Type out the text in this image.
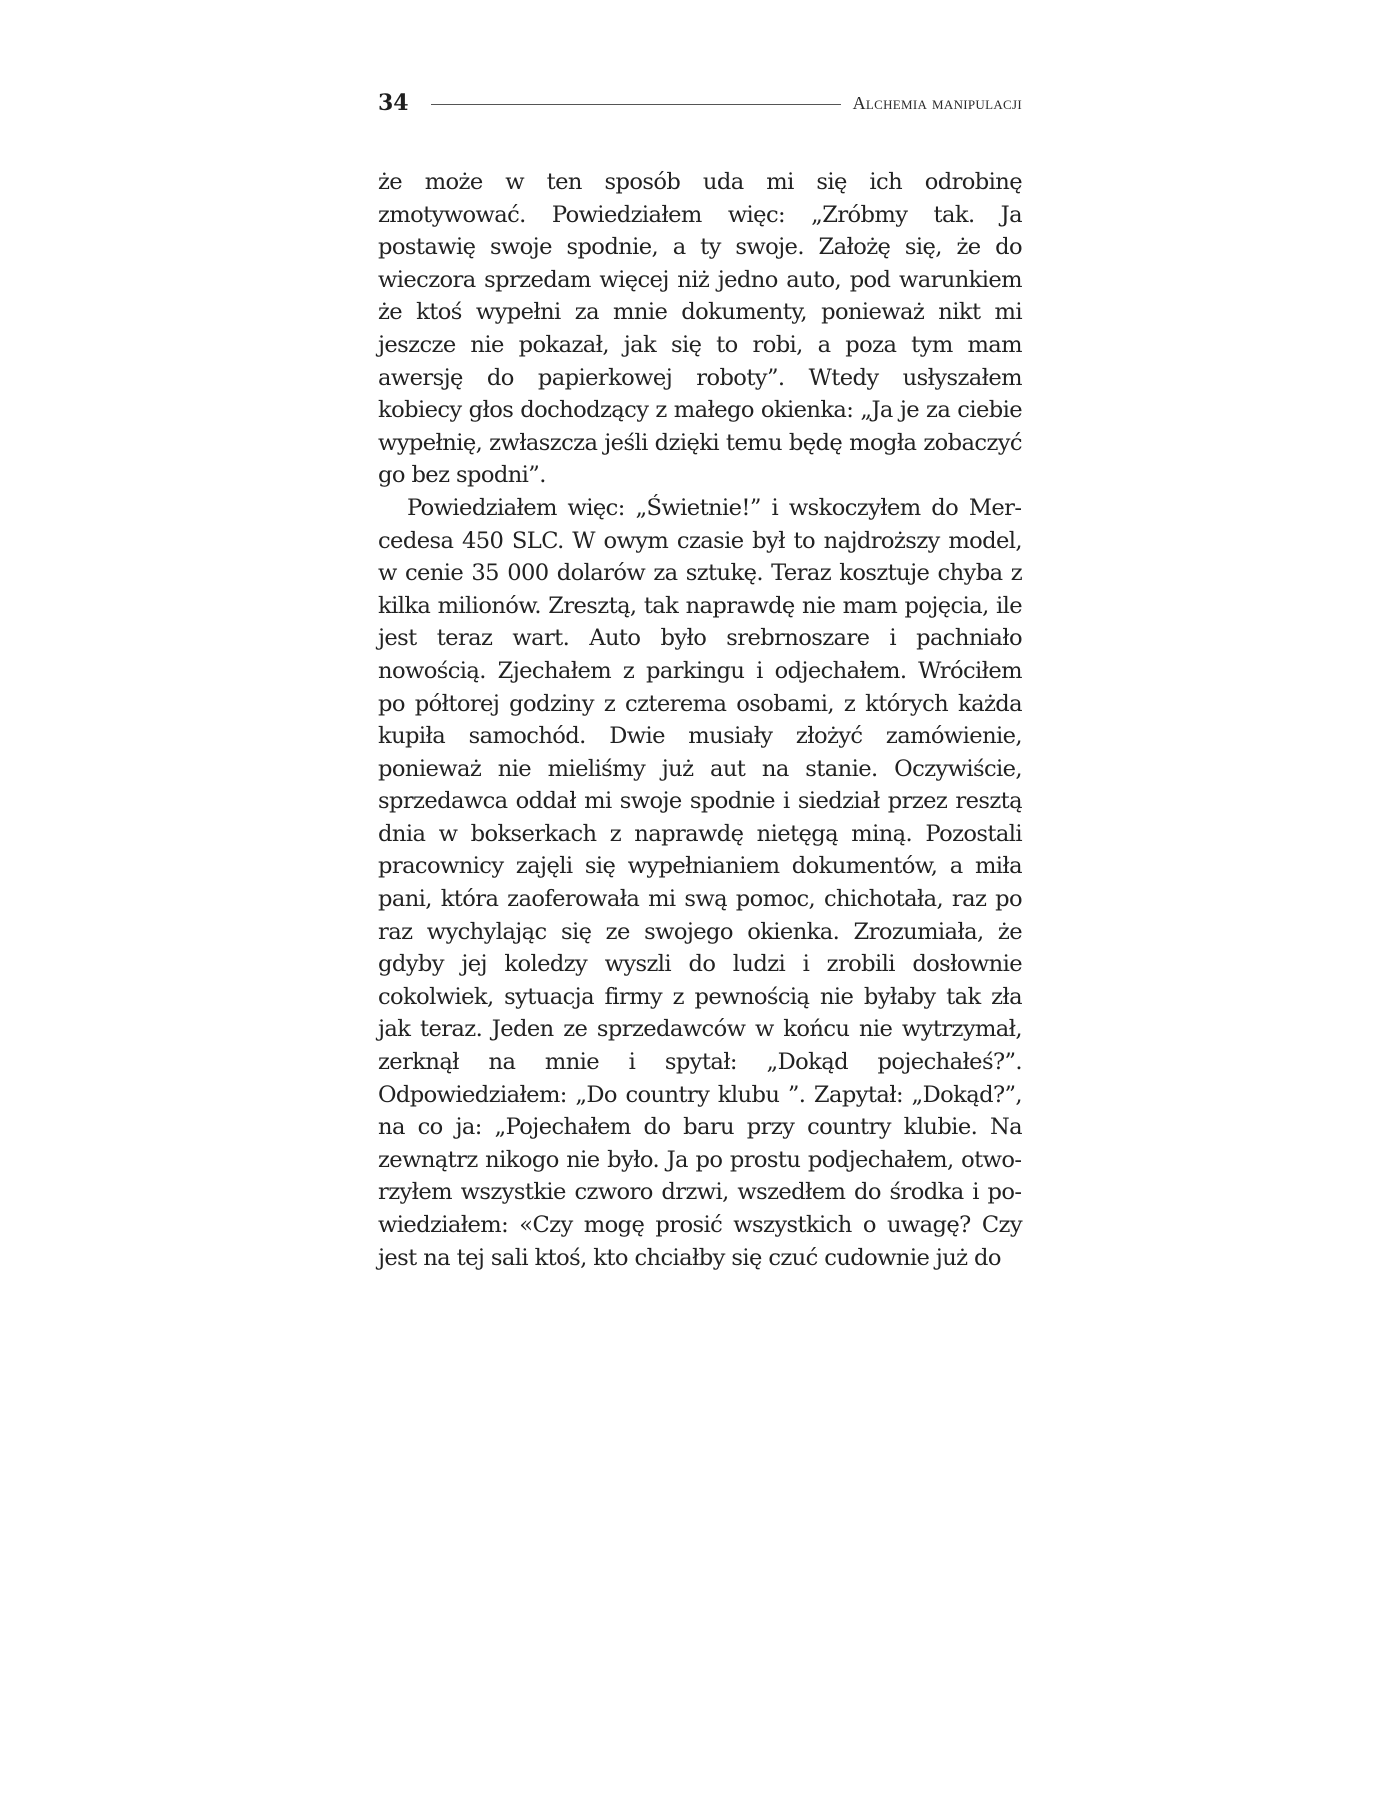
34	Alchemia manipulacji

że może w ten sposób uda mi się ich odrobinę zmotywować. Powiedziałem więc: „Zróbmy tak. Ja postawię swoje spodnie, a ty swoje. Założę się, że do wieczora sprzedam więcej niż jedno auto, pod warunkiem że ktoś wypełni za mnie dokumenty, ponieważ nikt mi jeszcze nie pokazał, jak się to robi, a poza tym mam awersję do papierkowej roboty”. Wtedy usłyszałem kobiecy głos dochodzący z małego okienka: „Ja je za ciebie wypełnię, zwłaszcza jeśli dzięki temu będę mogła zobaczyć go bez spodni”.

Powiedziałem więc: „Świetnie!” i wskoczyłem do Mercedesa 450 SLC. W owym czasie był to najdroższy model, w cenie 35 000 dolarów za sztukę. Teraz kosztuje chyba z kilka milionów. Zresztą, tak naprawdę nie mam pojęcia, ile jest teraz wart. Auto było srebrnoszare i pachniało nowością. Zjechałem z parkingu i odjechałem. Wróciłem po półtorej godziny z czterema osobami, z których każda kupiła samochód. Dwie musiały złożyć zamówienie, ponieważ nie mieliśmy już aut na stanie. Oczywiście, sprzedawca oddał mi swoje spodnie i siedział przez resztą dnia w bokserkach z naprawdę nietęgą miną. Pozostali pracownicy zajęli się wypełnianiem dokumentów, a miła pani, która zaoferowała mi swą pomoc, chichotała, raz po raz wychylając się ze swojego okienka. Zrozumiała, że gdyby jej koledzy wyszli do ludzi i zrobili dosłownie cokolwiek, sytuacja firmy z pewnością nie byłaby tak zła jak teraz. Jeden ze sprzedawców w końcu nie wytrzymał, zerknął na mnie i spytał: „Dokąd pojechałeś?”. Odpowiedziałem: „Do country klubu ”. Zapytał: „Dokąd?”, na co ja: „Pojechałem do baru przy country klubie. Na zewnątrz nikogo nie było. Ja po prostu podjechałem, otworzyłem wszystkie czworo drzwi, wszedłem do środka i powiedziałem: «Czy mogę prosić wszystkich o uwagę? Czy jest na tej sali ktoś, kto chciałby się czuć cudownie już do
